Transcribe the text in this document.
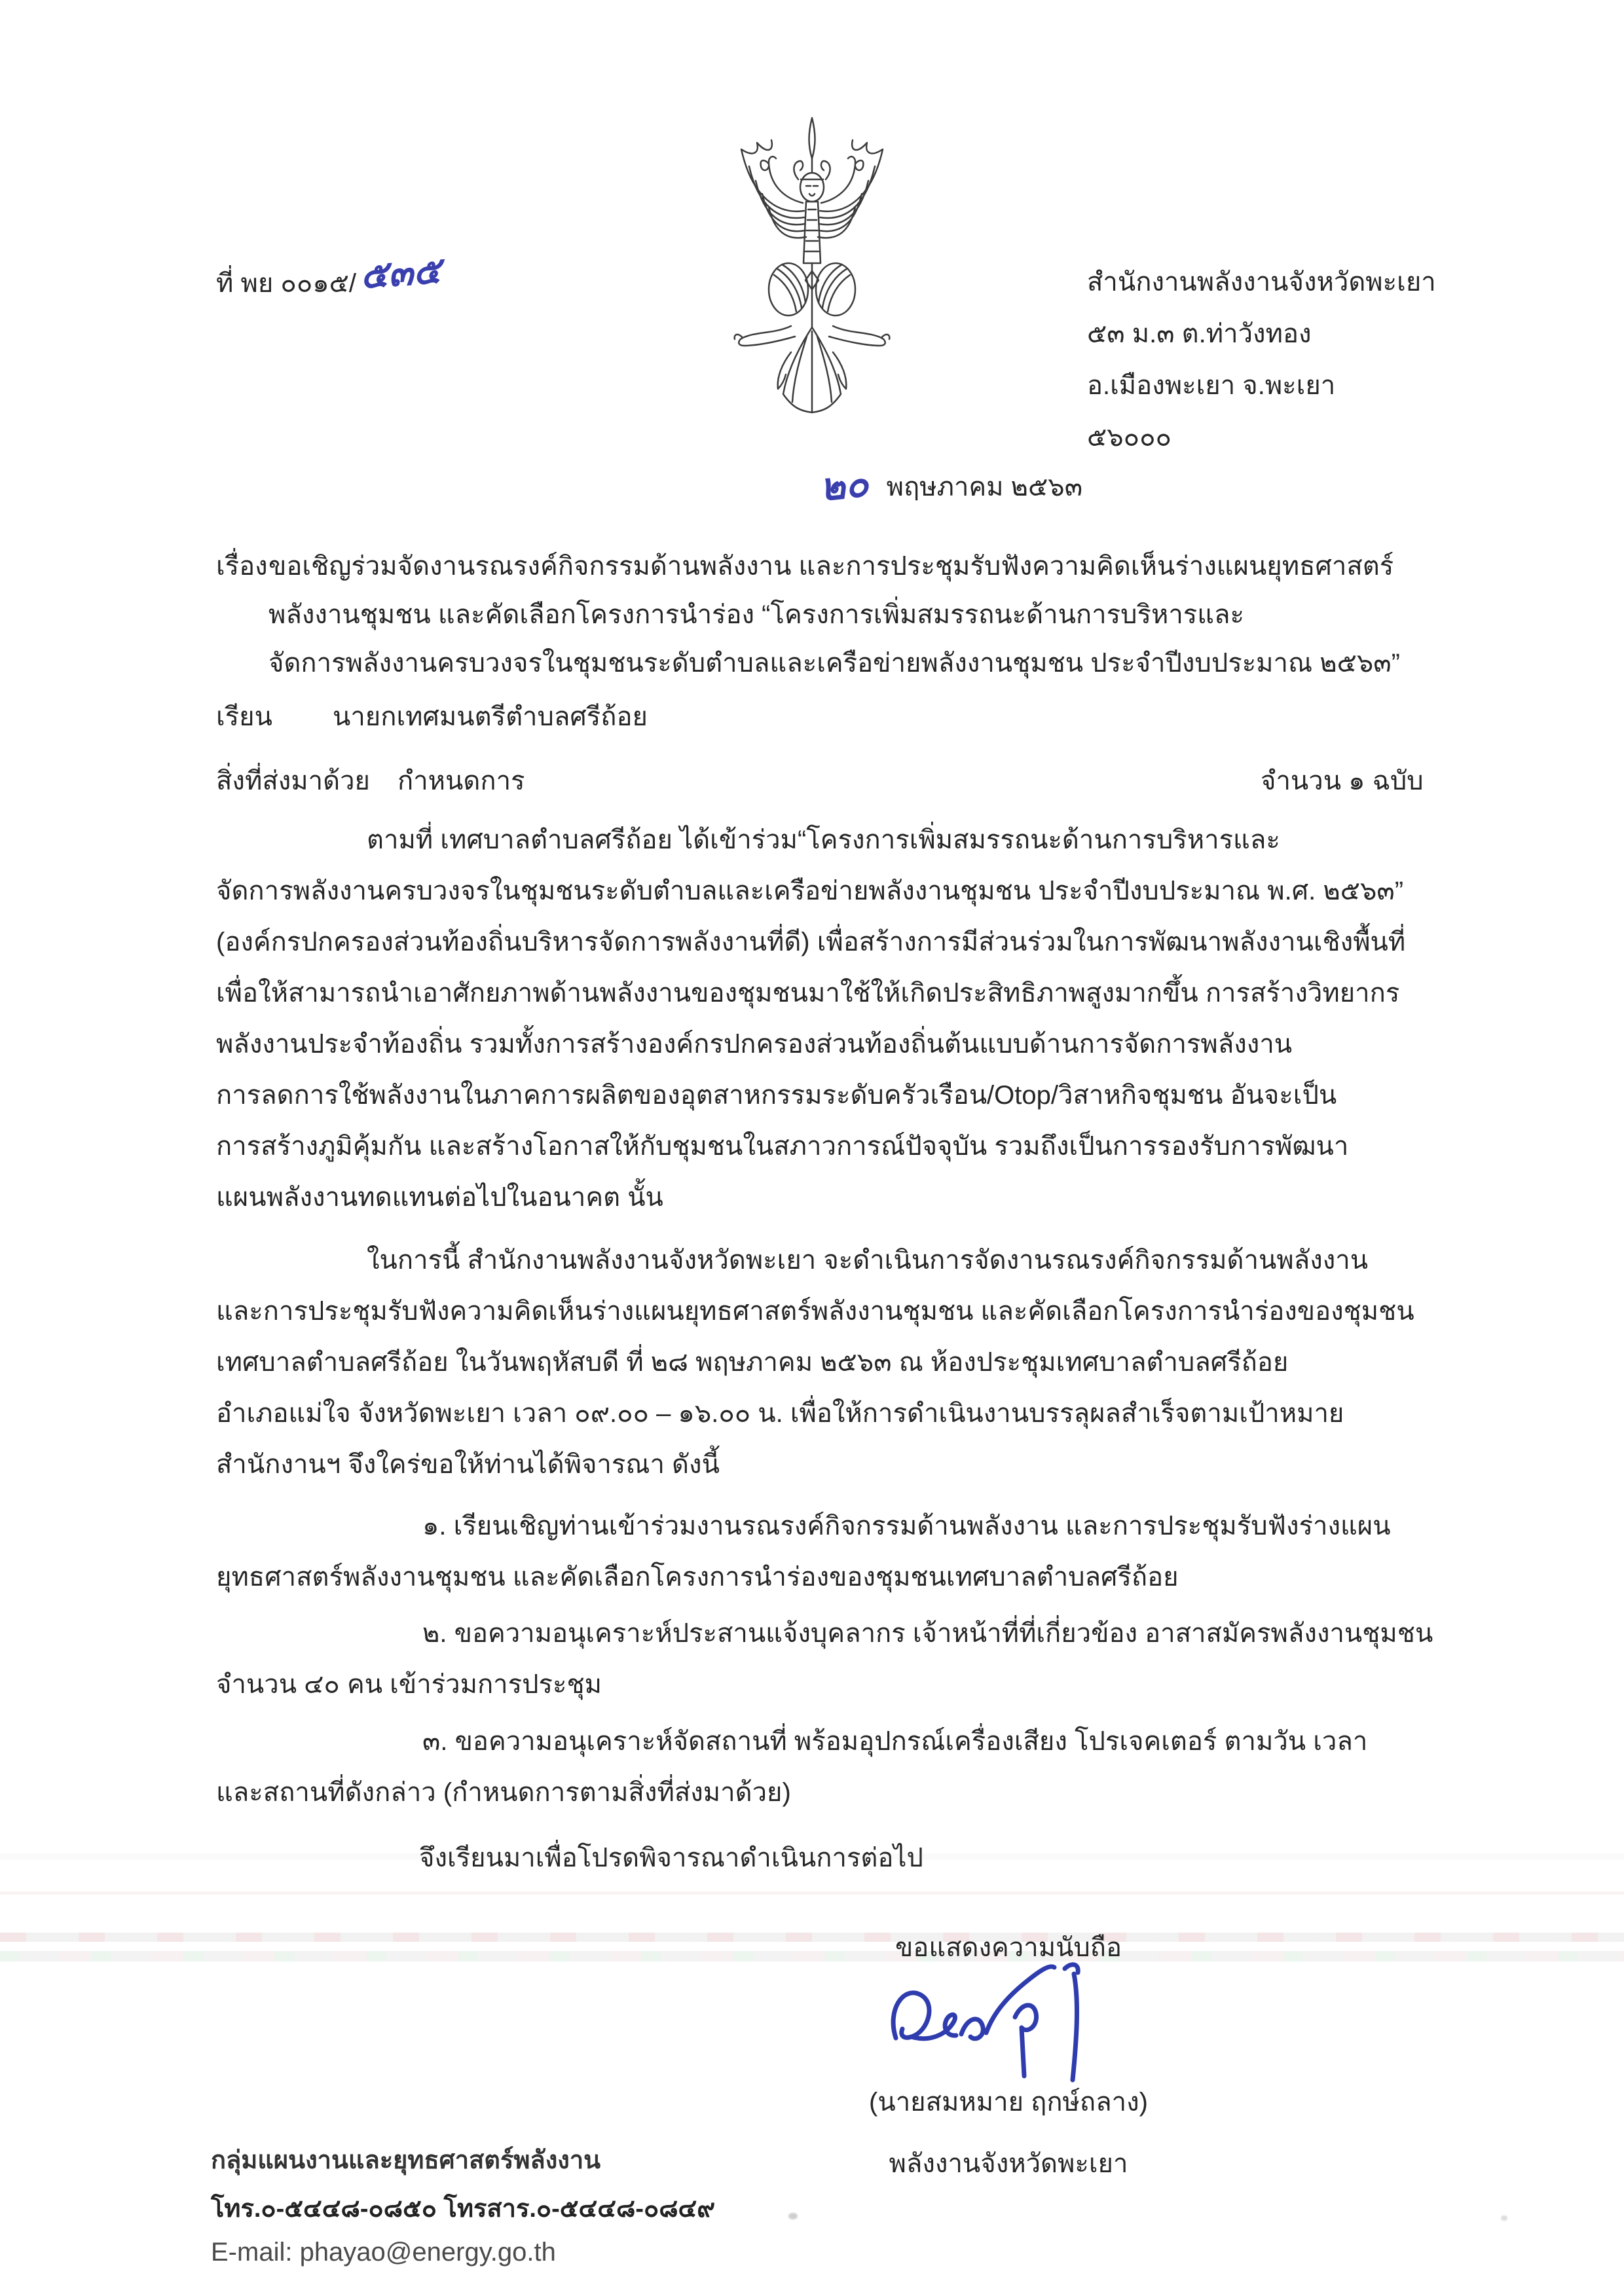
ที่ พย ๐๐๑๕/๕๓๕	สำนักงานพลังงานจังหวัดพะเยา
๕๓ ม.๓ ต.ท่าวังทอง
อ.เมืองพะเยา จ.พะเยา
๕๖๐๐๐
๒๐ พฤษภาคม ๒๕๖๓
เรื่อง ขอเชิญร่วมจัดงานรณรงค์กิจกรรมด้านพลังงาน และการประชุมรับฟังความคิดเห็นร่างแผนยุทธศาสตร์
พลังงานชุมชน และคัดเลือกโครงการนำร่อง “โครงการเพิ่มสมรรถนะด้านการบริหารและ
จัดการพลังงานครบวงจรในชุมชนระดับตำบลและเครือข่ายพลังงานชุมชน ประจำปีงบประมาณ ๒๕๖๓”
เรียน นายกเทศมนตรีตำบลศรีถ้อย
สิ่งที่ส่งมาด้วย กำหนดการ	จำนวน ๑ ฉบับ
ตามที่ เทศบาลตำบลศรีถ้อย ได้เข้าร่วม“โครงการเพิ่มสมรรถนะด้านการบริหารและ
จัดการพลังงานครบวงจรในชุมชนระดับตำบลและเครือข่ายพลังงานชุมชน ประจำปีงบประมาณ พ.ศ. ๒๕๖๓”
(องค์กรปกครองส่วนท้องถิ่นบริหารจัดการพลังงานที่ดี) เพื่อสร้างการมีส่วนร่วมในการพัฒนาพลังงานเชิงพื้นที่
เพื่อให้สามารถนำเอาศักยภาพด้านพลังงานของชุมชนมาใช้ให้เกิดประสิทธิภาพสูงมากขึ้น การสร้างวิทยากร
พลังงานประจำท้องถิ่น รวมทั้งการสร้างองค์กรปกครองส่วนท้องถิ่นต้นแบบด้านการจัดการพลังงาน
การลดการใช้พลังงานในภาคการผลิตของอุตสาหกรรมระดับครัวเรือน/Otop/วิสาหกิจชุมชน อันจะเป็น
การสร้างภูมิคุ้มกัน และสร้างโอกาสให้กับชุมชนในสภาวการณ์ปัจจุบัน รวมถึงเป็นการรองรับการพัฒนา
แผนพลังงานทดแทนต่อไปในอนาคต นั้น
ในการนี้ สำนักงานพลังงานจังหวัดพะเยา จะดำเนินการจัดงานรณรงค์กิจกรรมด้านพลังงาน
และการประชุมรับฟังความคิดเห็นร่างแผนยุทธศาสตร์พลังงานชุมชน และคัดเลือกโครงการนำร่องของชุมชน
เทศบาลตำบลศรีถ้อย ในวันพฤหัสบดี ที่ ๒๘ พฤษภาคม ๒๕๖๓ ณ ห้องประชุมเทศบาลตำบลศรีถ้อย
อำเภอแม่ใจ จังหวัดพะเยา เวลา ๐๙.๐๐ – ๑๖.๐๐ น. เพื่อให้การดำเนินงานบรรลุผลสำเร็จตามเป้าหมาย
สำนักงานฯ จึงใคร่ขอให้ท่านได้พิจารณา ดังนี้
๑. เรียนเชิญท่านเข้าร่วมงานรณรงค์กิจกรรมด้านพลังงาน และการประชุมรับฟังร่างแผน
ยุทธศาสตร์พลังงานชุมชน และคัดเลือกโครงการนำร่องของชุมชนเทศบาลตำบลศรีถ้อย
๒. ขอความอนุเคราะห์ประสานแจ้งบุคลากร เจ้าหน้าที่ที่เกี่ยวข้อง อาสาสมัครพลังงานชุมชน
จำนวน ๔๐ คน เข้าร่วมการประชุม
๓. ขอความอนุเคราะห์จัดสถานที่ พร้อมอุปกรณ์เครื่องเสียง โปรเจคเตอร์ ตามวัน เวลา
และสถานที่ดังกล่าว (กำหนดการตามสิ่งที่ส่งมาด้วย)
จึงเรียนมาเพื่อโปรดพิจารณาดำเนินการต่อไป
ขอแสดงความนับถือ
(นายสมหมาย ฤกษ์ถลาง)
พลังงานจังหวัดพะเยา
กลุ่มแผนงานและยุทธศาสตร์พลังงาน
โทร.๐-๕๔๔๘-๐๘๕๐ โทรสาร.๐-๕๔๔๘-๐๘๔๙
E-mail: phayao@energy.go.th
